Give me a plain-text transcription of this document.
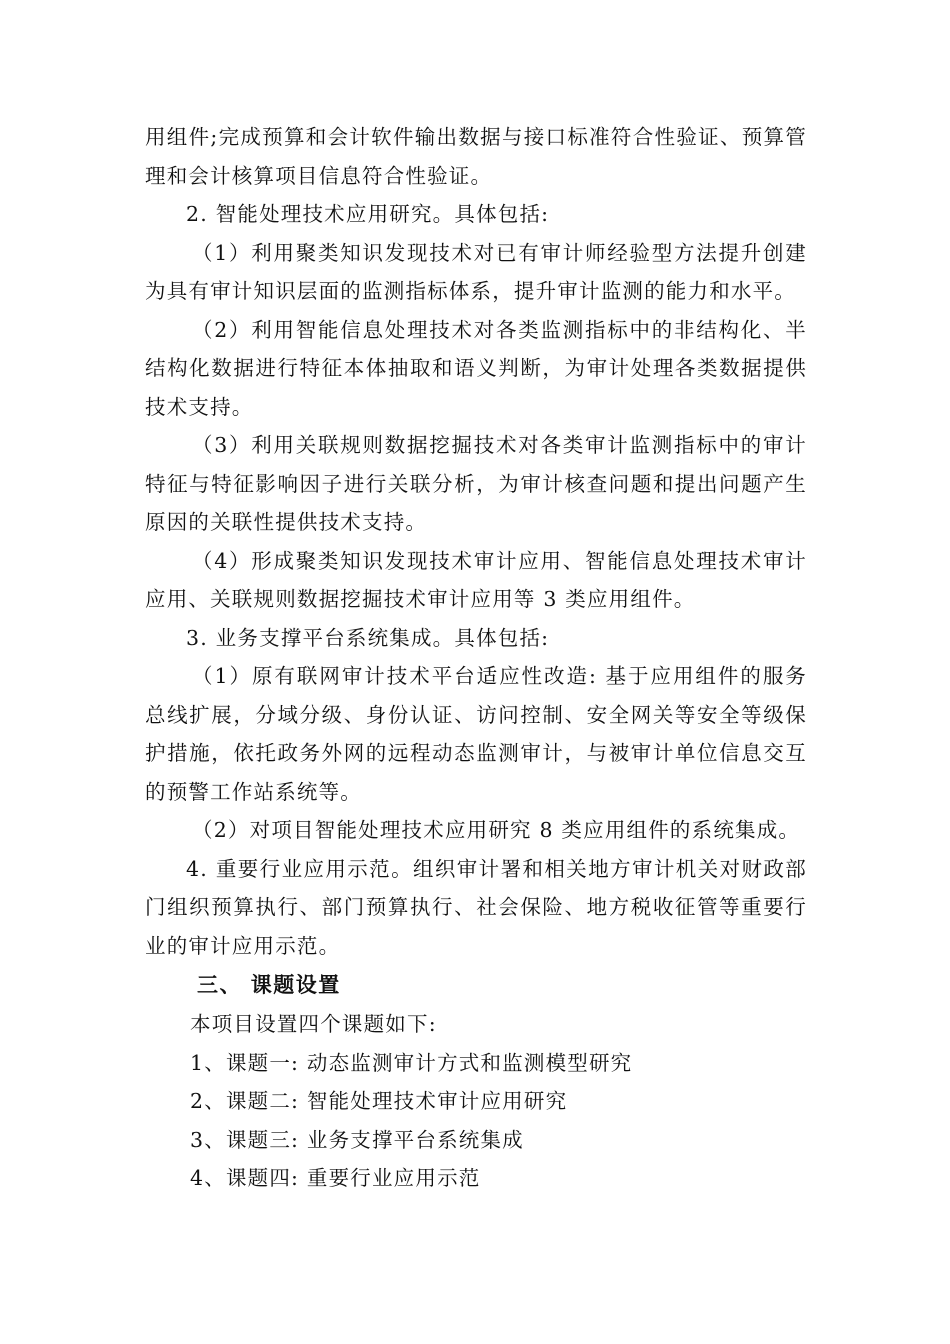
用组件;完成预算和会计软件输出数据与接口标准符合性验证、预算管理和会计核算项目信息符合性验证。

2. 智能处理技术应用研究。具体包括:

（1）利用聚类知识发现技术对已有审计师经验型方法提升创建为具有审计知识层面的监测指标体系，提升审计监测的能力和水平。

（2）利用智能信息处理技术对各类监测指标中的非结构化、半结构化数据进行特征本体抽取和语义判断，为审计处理各类数据提供技术支持。

（3）利用关联规则数据挖掘技术对各类审计监测指标中的审计特征与特征影响因子进行关联分析，为审计核查问题和提出问题产生原因的关联性提供技术支持。

（4）形成聚类知识发现技术审计应用、智能信息处理技术审计应用、关联规则数据挖掘技术审计应用等 3 类应用组件。

3. 业务支撑平台系统集成。具体包括:

（1）原有联网审计技术平台适应性改造: 基于应用组件的服务总线扩展，分域分级、身份认证、访问控制、安全网关等安全等级保护措施，依托政务外网的远程动态监测审计，与被审计单位信息交互的预警工作站系统等。

（2）对项目智能处理技术应用研究 8 类应用组件的系统集成。

4. 重要行业应用示范。组织审计署和相关地方审计机关对财政部门组织预算执行、部门预算执行、社会保险、地方税收征管等重要行业的审计应用示范。

三、 课题设置

本项目设置四个课题如下:

1、课题一: 动态监测审计方式和监测模型研究

2、课题二: 智能处理技术审计应用研究

3、课题三: 业务支撑平台系统集成

4、课题四: 重要行业应用示范
